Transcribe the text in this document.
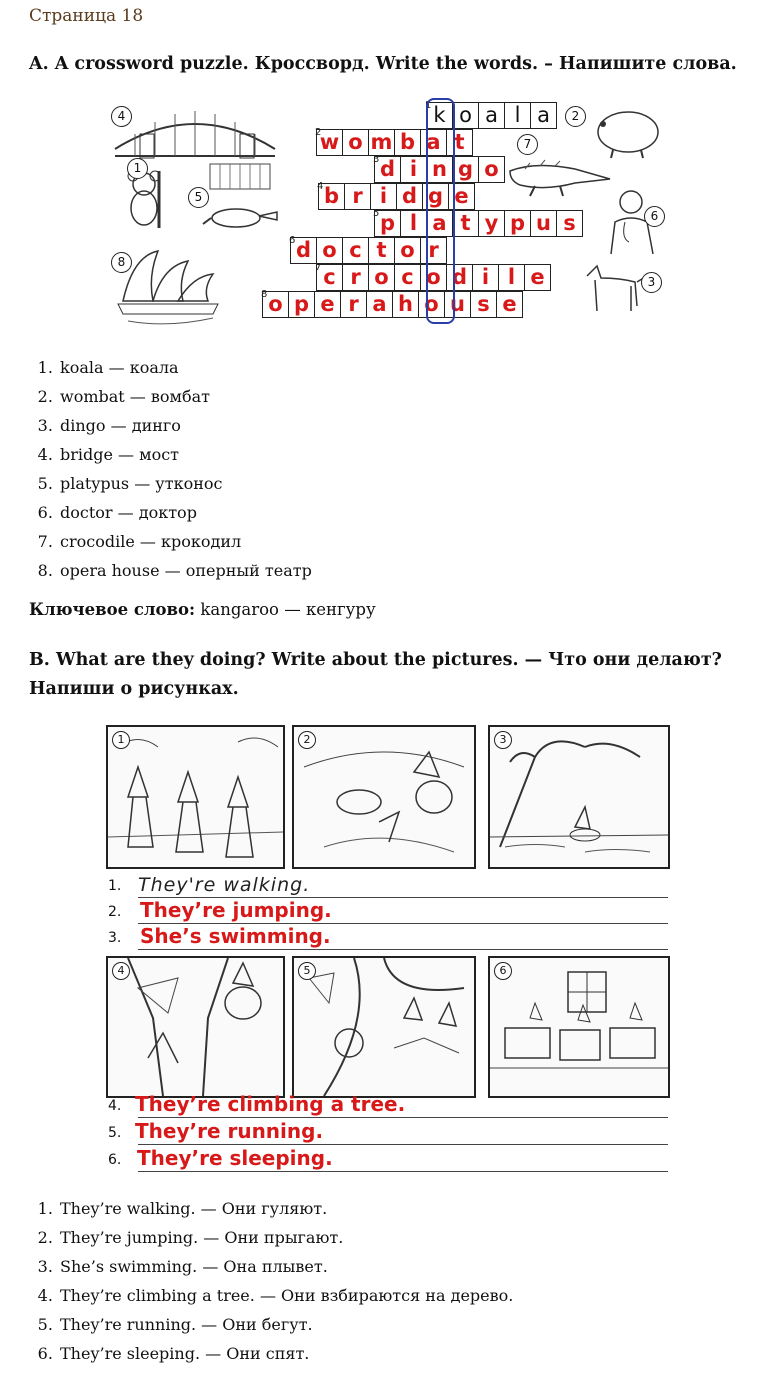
Страница 18
A. A crossword puzzle. Кроссворд. Write the words. – Напишите слова.
4
1
5
8
2
7
6
3
k o a l a
1
w o m b a t
2
d i n g o
3
b r i d g e
4
p l a t y p u s
5
d o c t o r
6
c r o c o d i l e
7
o p e r a h o u s e
8
1. koala — коала
2. wombat — вомбат
3. dingo — динго
4. bridge — мост
5. platypus — утконос
6. doctor — доктор
7. crocodile — крокодил
8. opera house — оперный театр
Ключевое слово: kangaroo — кенгуру
B. What are they doing? Write about the pictures. — Что они делают?
Напиши о рисунках.
1	2	3
1. They're walking.
2. They’re jumping.
3. She’s swimming.
4	5	6
4. They’re climbing a tree.
5. They’re running.
6. They’re sleeping.
1. They’re walking. — Они гуляют.
2. They’re jumping. — Они прыгают.
3. She’s swimming. — Она плывет.
4. They’re climbing a tree. — Они взбираются на дерево.
5. They’re running. — Они бегут.
6. They’re sleeping. — Они спят.
